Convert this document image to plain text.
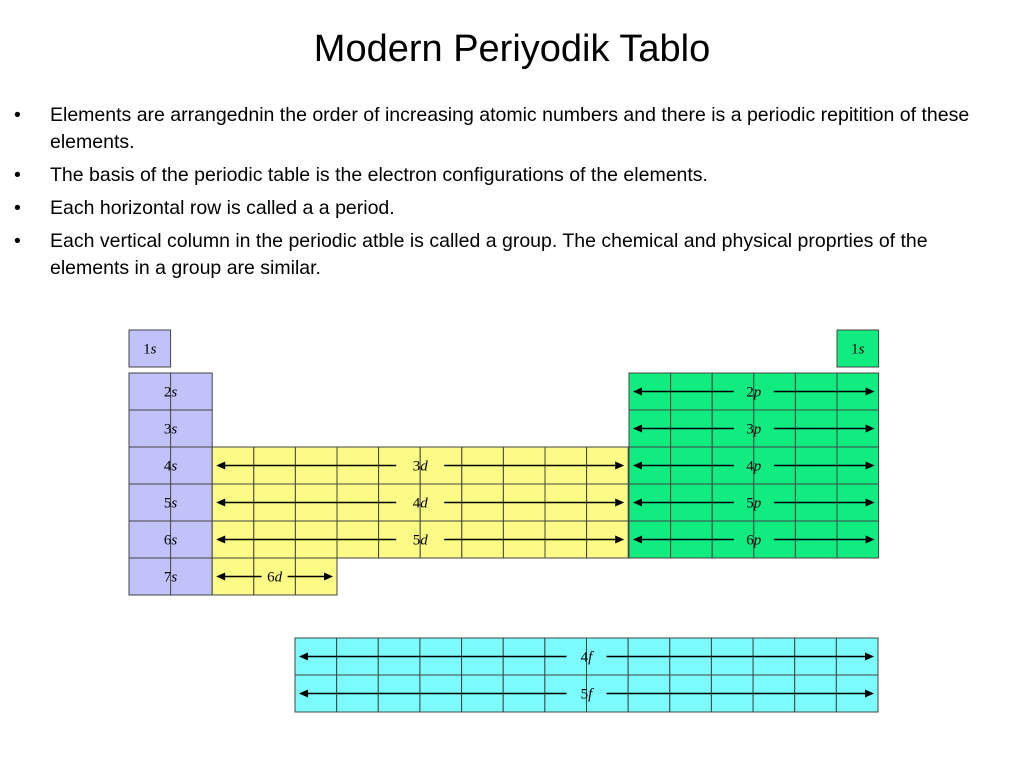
Modern Periyodik Tablo
• Elements are arrangednin the order of increasing atomic numbers and there is a periodic repitition of these elements.
• The basis of the periodic table is the electron configurations of the elements.
• Each horizontal row is called a a period.
• Each vertical column in the periodic atble is called a group. The chemical and physical proprties of the elements in a group are similar.
1s
2s
3s
4s
5s
6s
7s
3d
4d
5d
6d
1s
2p
3p
4p
5p
6p
4f
5f
